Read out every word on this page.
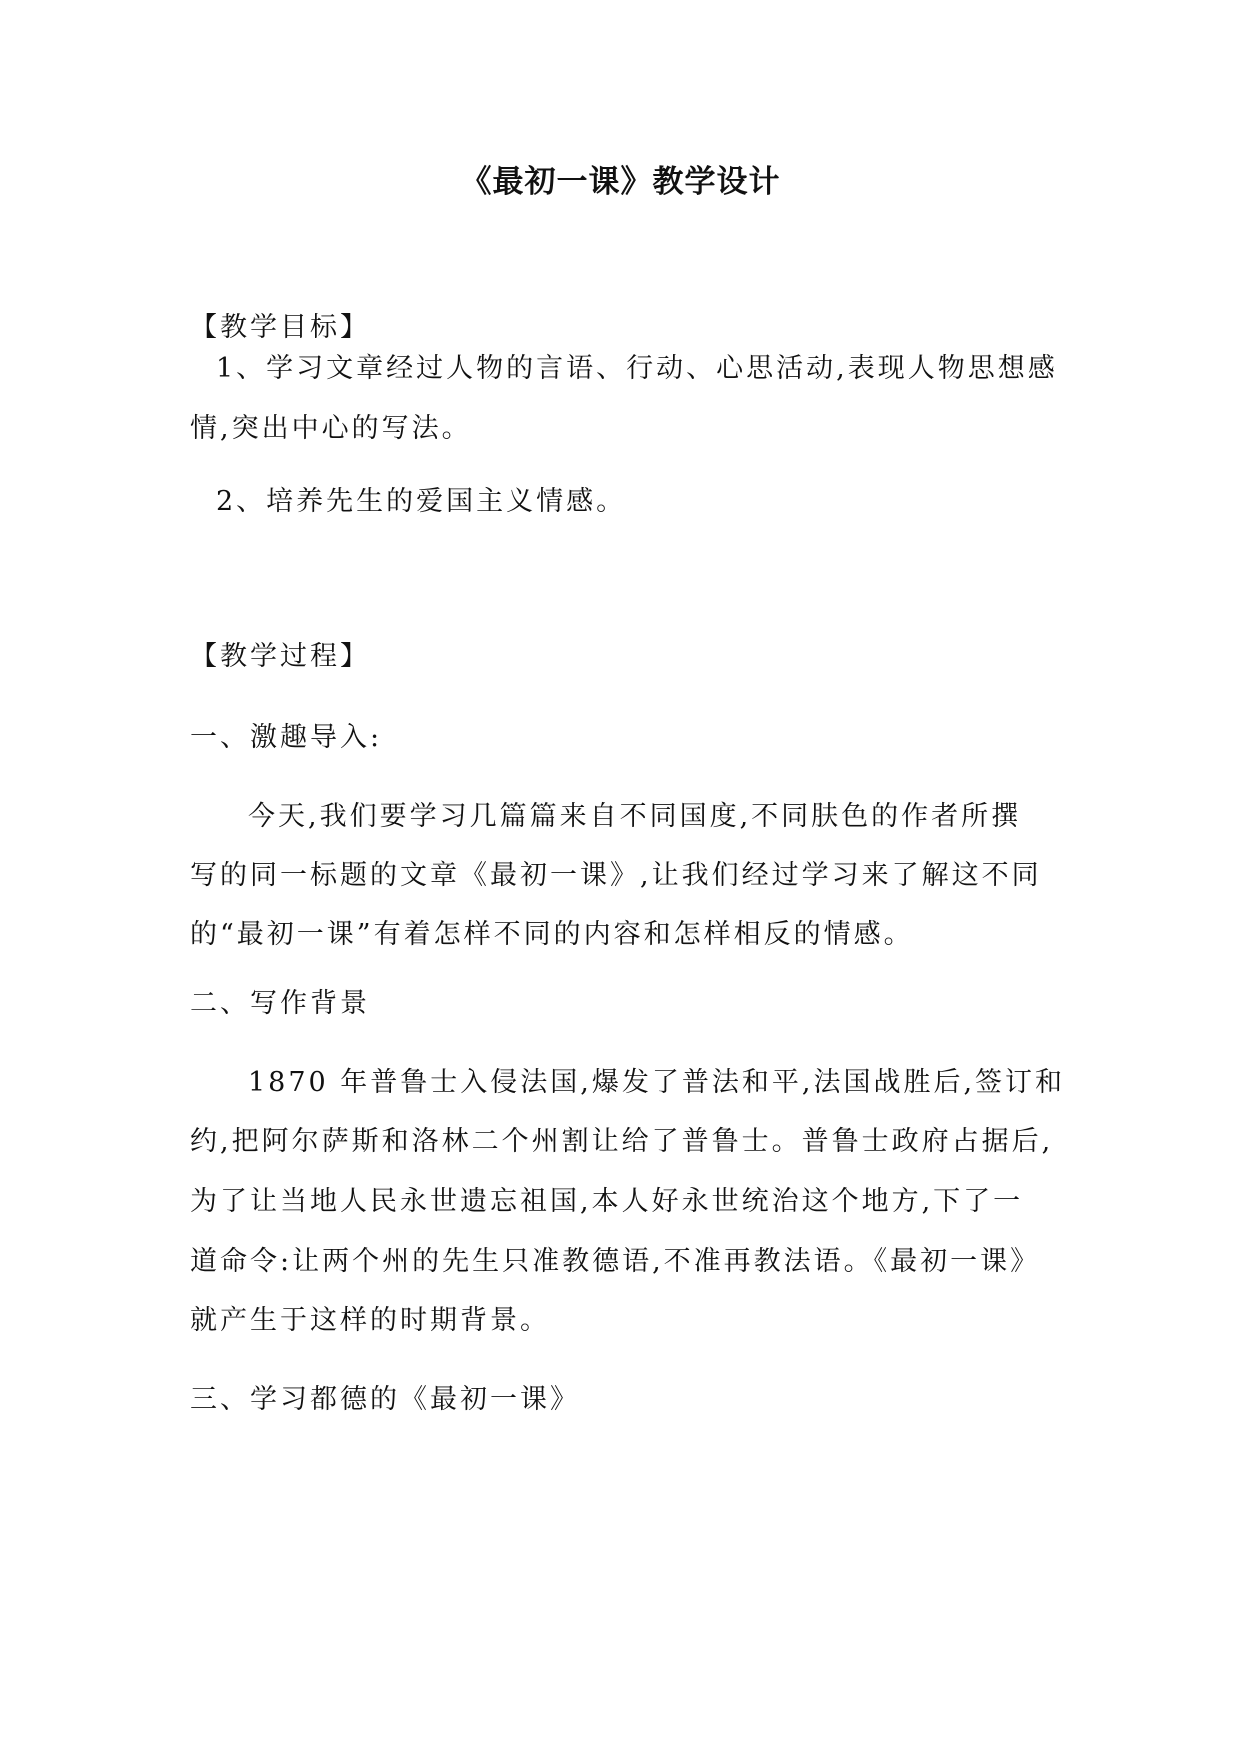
《最初一课》教学设计
【教学目标】
1、学习文章经过人物的言语、行动、心思活动,表现人物思想感
情,突出中心的写法。
2、培养先生的爱国主义情感。
【教学过程】
一、激趣导入:
今天,我们要学习几篇篇来自不同国度,不同肤色的作者所撰
写的同一标题的文章《最初一课》,让我们经过学习来了解这不同
的“最初一课”有着怎样不同的内容和怎样相反的情感。
二、写作背景
1870 年普鲁士入侵法国,爆发了普法和平,法国战胜后,签订和
约,把阿尔萨斯和洛林二个州割让给了普鲁士。普鲁士政府占据后,
为了让当地人民永世遗忘祖国,本人好永世统治这个地方,下了一
道命令:让两个州的先生只准教德语,不准再教法语。《最初一课》
就产生于这样的时期背景。
三、学习都德的《最初一课》
